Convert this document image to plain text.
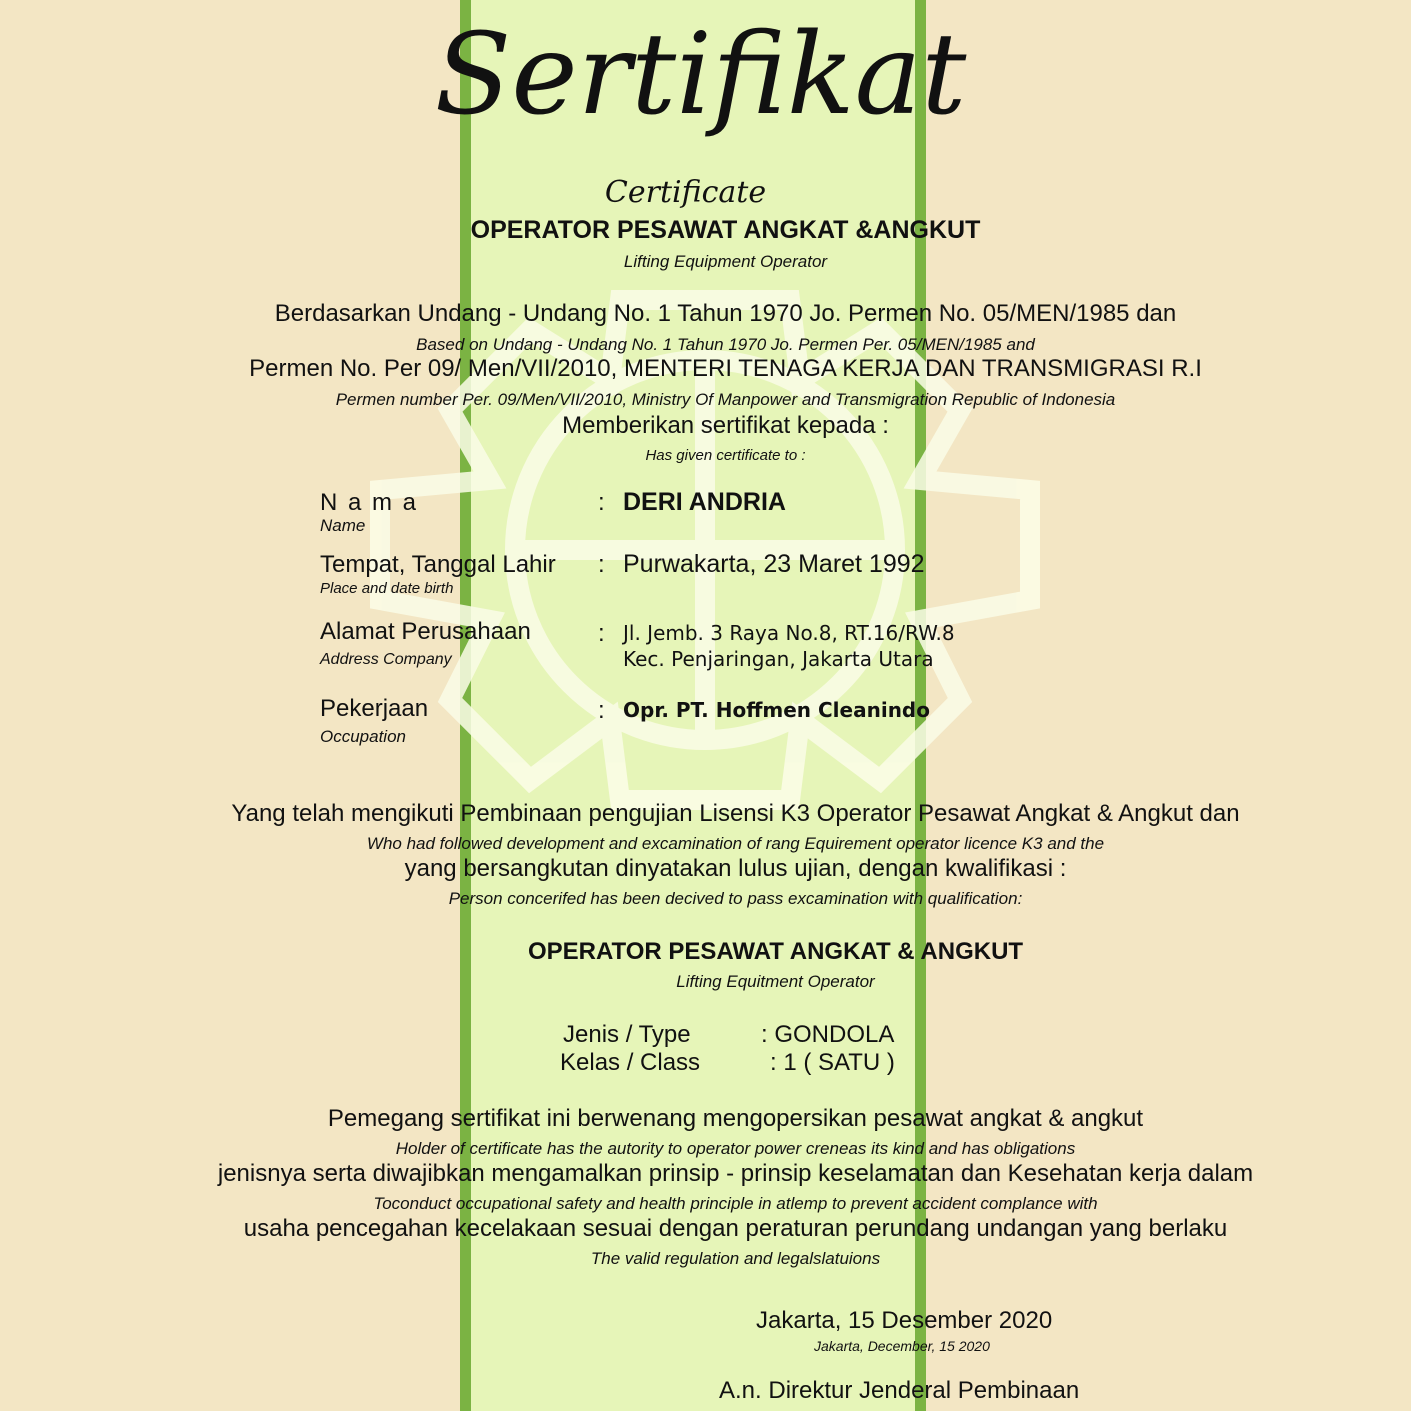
Sertifikat
Certificate
OPERATOR PESAWAT ANGKAT &ANGKUT
Lifting Equipment Operator
Berdasarkan Undang - Undang No. 1 Tahun 1970 Jo. Permen No. 05/MEN/1985 dan
Based on Undang - Undang No. 1 Tahun 1970 Jo. Permen Per. 05/MEN/1985 and
Permen No. Per 09/ Men/VII/2010, MENTERI TENAGA KERJA DAN TRANSMIGRASI R.I
Permen number Per. 09/Men/VII/2010, Ministry Of Manpower and Transmigration Republic of Indonesia
Memberikan sertifikat kepada :
Has given certificate to :
N a m a
Name
: DERI ANDRIA
Tempat, Tanggal Lahir
Place and date birth
: Purwakarta, 23 Maret 1992
Alamat Perusahaan
Address Company
: Jl. Jemb. 3 Raya No.8, RT.16/RW.8
Kec. Penjaringan, Jakarta Utara
Pekerjaan
Occupation
: Opr. PT. Hoffmen Cleanindo
Yang telah mengikuti Pembinaan pengujian Lisensi K3 Operator Pesawat Angkat & Angkut dan
Who had followed development and excamination of rang Equirement operator licence K3 and the
yang bersangkutan dinyatakan lulus ujian, dengan kwalifikasi :
Person concerifed has been decived to pass excamination with qualification:
OPERATOR PESAWAT ANGKAT & ANGKUT
Lifting Equitment Operator
Jenis / Type	: GONDOLA
Kelas / Class	: 1 ( SATU )
Pemegang sertifikat ini berwenang mengopersikan pesawat angkat & angkut
Holder of certificate has the autority to operator power creneas its kind and has obligations
jenisnya serta diwajibkan mengamalkan prinsip - prinsip keselamatan dan Kesehatan kerja dalam
Toconduct occupational safety and health principle in atlemp to prevent accident complance with
usaha pencegahan kecelakaan sesuai dengan peraturan perundang undangan yang berlaku
The valid regulation and legalslatuions
Jakarta, 15 Desember 2020
Jakarta, December, 15 2020
A.n. Direktur Jenderal Pembinaan
